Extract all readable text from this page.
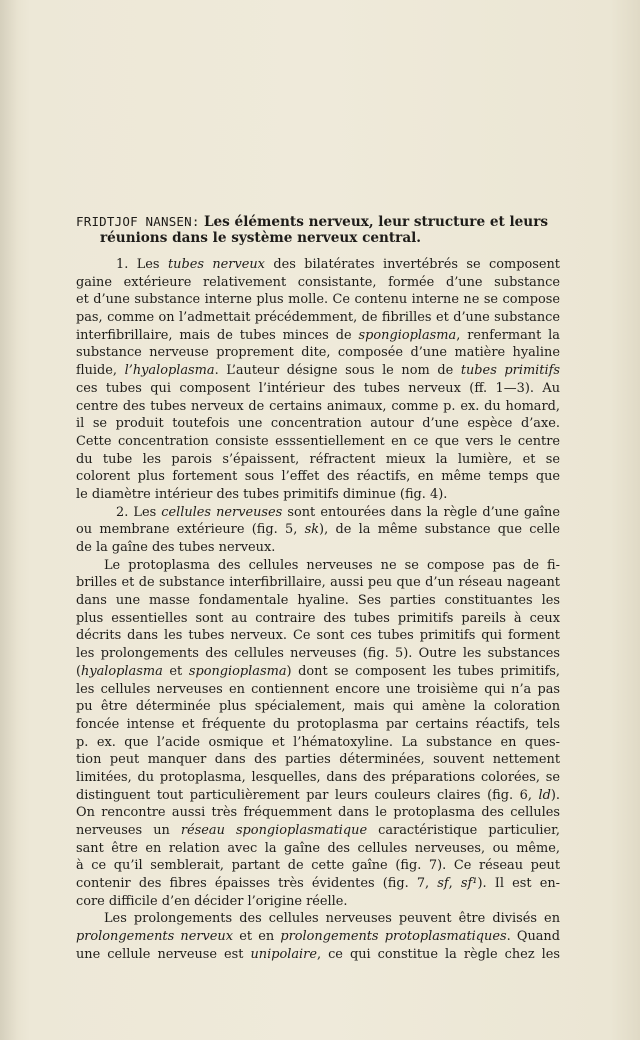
FRIDTJOF NANSEN: Les éléments nerveux, leur structure et leurs
réunions dans le système nerveux central.
1. Les tubes nerveux des bilatérates invertébrés se composent
gaine extérieure relativement consistante, formée d’une substance
et d’une substance interne plus molle. Ce contenu interne ne se compose
pas, comme on l’admettait précédemment, de fibrilles et d’une substance
interfibrillaire, mais de tubes minces de spongioplasma, renfermant la
substance nerveuse proprement dite, composée d’une matière hyaline
fluide, l’hyaloplasma. L’auteur désigne sous le nom de tubes primitifs
ces tubes qui composent l’intérieur des tubes nerveux (ff. 1—3). Au
centre des tubes nerveux de certains animaux, comme p. ex. du homard,
il se produit toutefois une concentration autour d’une espèce d’axe.
Cette concentration consiste esssentiellement en ce que vers le centre
du tube les parois s’épaissent, réfractent mieux la lumière, et se
colorent plus fortement sous l’effet des réactifs, en même temps que
le diamètre intérieur des tubes primitifs diminue (fig. 4).
2. Les cellules nerveuses sont entourées dans la règle d’une gaîne
ou membrane extérieure (fig. 5, sk), de la même substance que celle
de la gaîne des tubes nerveux.
Le protoplasma des cellules nerveuses ne se compose pas de fi-
brilles et de substance interfibrillaire, aussi peu que d’un réseau nageant
dans une masse fondamentale hyaline. Ses parties constituantes les
plus essentielles sont au contraire des tubes primitifs pareils à ceux
décrits dans les tubes nerveux. Ce sont ces tubes primitifs qui forment
les prolongements des cellules nerveuses (fig. 5). Outre les substances
(hyaloplasma et spongioplasma) dont se composent les tubes primitifs,
les cellules nerveuses en contiennent encore une troisième qui n’a pas
pu être déterminée plus spécialement, mais qui amène la coloration
foncée intense et fréquente du protoplasma par certains réactifs, tels
p. ex. que l’acide osmique et l’hématoxyline. La substance en ques-
tion peut manquer dans des parties déterminées, souvent nettement
limitées, du protoplasma, lesquelles, dans des préparations colorées, se
distinguent tout particulièrement par leurs couleurs claires (fig. 6, ld).
On rencontre aussi très fréquemment dans le protoplasma des cellules
nerveuses un réseau spongioplasmatique caractéristique particulier,
sant être en relation avec la gaîne des cellules nerveuses, ou même,
à ce qu’il semblerait, partant de cette gaîne (fig. 7). Ce réseau peut
contenir des fibres épaisses très évidentes (fig. 7, sf, sf¹). Il est en-
core difficile d’en décider l’origine réelle.
Les prolongements des cellules nerveuses peuvent être divisés en
prolongements nerveux et en prolongements protoplasmatiques. Quand
une cellule nerveuse est unipolaire, ce qui constitue la règle chez les
